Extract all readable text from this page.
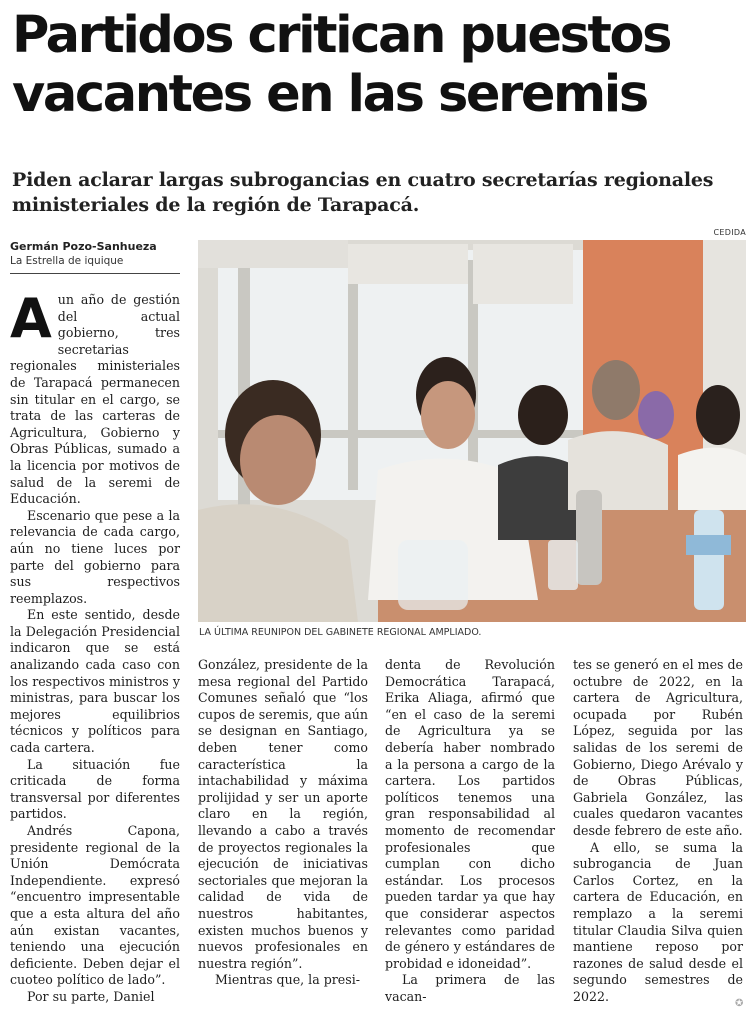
Partidos critican puestos vacantes en las seremis

Piden aclarar largas subrogancias en cuatro secretarías regionales ministeriales de la región de Tarapacá.

Germán Pozo-Sanhueza
La Estrella de iquique
CEDIDA
LA ÚLTIMA REUNIPON DEL GABINETE REGIONAL AMPLIADO.
A un año de gestión del actual gobierno, tres secretarias regionales ministeriales de Tarapacá permanecen sin titular en el cargo, se trata de las carteras de Agricultura, Gobierno y Obras Públicas, sumado a la licencia por motivos de salud de la seremi de Educación.

Escenario que pese a la relevancia de cada cargo, aún no tiene luces por parte del gobierno para sus respectivos reemplazos.

En este sentido, desde la Delegación Presidencial indicaron que se está analizando cada caso con los respectivos ministros y ministras, para buscar los mejores equilibrios técnicos y políticos para cada cartera.

La situación fue criticada de forma transversal por diferentes partidos.

Andrés Capona, presidente regional de la Unión Demócrata Independiente. expresó “encuentro impresentable que a esta altura del año aún existan vacantes, teniendo una ejecución deficiente. Deben dejar el cuoteo político de lado”.

Por su parte, Daniel

González, presidente de la mesa regional del Partido Comunes señaló que “los cupos de seremis, que aún se designan en Santiago, deben tener como característica la intachabilidad y máxima prolijidad y ser un aporte claro en la región, llevando a cabo a través de proyectos regionales la ejecución de iniciativas sectoriales que mejoran la calidad de vida de nuestros habitantes, existen muchos buenos y nuevos profesionales en nuestra región”.

Mientras que, la presi-

denta de Revolución Democrática Tarapacá, Erika Aliaga, afirmó que “en el caso de la seremi de Agricultura ya se debería haber nombrado a la persona a cargo de la cartera. Los partidos políticos tenemos una gran responsabilidad al momento de recomendar profesionales que cumplan con dicho estándar. Los procesos pueden tardar ya que hay que considerar aspectos relevantes como paridad de género y estándares de probidad e idoneidad”.

La primera de las vacan-

tes se generó en el mes de octubre de 2022, en la cartera de Agricultura, ocupada por Rubén López, seguida por las salidas de los seremi de Gobierno, Diego Arévalo y de Obras Públicas, Gabriela González, las cuales quedaron vacantes desde febrero de este año.

A ello, se suma la subrogancia de Juan Carlos Cortez, en la cartera de Educación, en remplazo a la seremi titular Claudia Silva quien mantiene reposo por razones de salud desde el segundo semestres de 2022.	✪
